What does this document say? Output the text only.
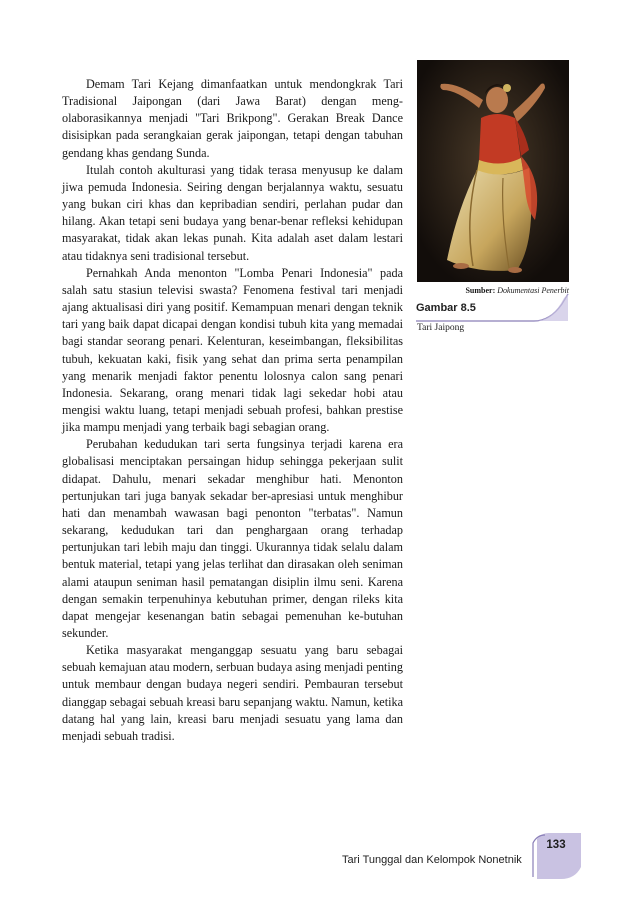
Demam Tari Kejang dimanfaatkan untuk mendongkrak Tari Tradisional Jaipongan (dari Jawa Barat) dengan meng-olaborasikannya menjadi "Tari Brikpong". Gerakan Break Dance disisipkan pada serangkaian gerak jaipongan, tetapi dengan tabuhan gendang khas gendang Sunda.

Itulah contoh akulturasi yang tidak terasa menyusup ke dalam jiwa pemuda Indonesia. Seiring dengan berjalannya waktu, sesuatu yang bukan ciri khas dan kepribadian sendiri, perlahan pudar dan hilang. Akan tetapi seni budaya yang benar-benar refleksi kehidupan masyarakat, tidak akan lekas punah. Kita adalah aset dalam lestari atau tidaknya seni tradisional tersebut.

Pernahkah Anda menonton "Lomba Penari Indonesia" pada salah satu stasiun televisi swasta? Fenomena festival tari menjadi ajang aktualisasi diri yang positif. Kemampuan menari dengan teknik tari yang baik dapat dicapai dengan kondisi tubuh kita yang memadai bagi standar seorang penari. Kelenturan, keseimbangan, fleksibilitas tubuh, kekuatan kaki, fisik yang sehat dan prima serta penampilan yang menarik menjadi faktor penentu lolosnya calon sang penari Indonesia. Sekarang, orang menari tidak lagi sekedar hobi atau mengisi waktu luang, tetapi menjadi sebuah profesi, bahkan prestise jika mampu menjadi yang terbaik bagi sebagian orang.

Perubahan kedudukan tari serta fungsinya terjadi karena era globalisasi menciptakan persaingan hidup sehingga pekerjaan sulit didapat. Dahulu, menari sekadar menghibur hati. Menonton pertunjukan tari juga banyak sekadar ber-apresiasi untuk menghibur hati dan menambah wawasan bagi penonton "terbatas". Namun sekarang, kedudukan tari dan penghargaan orang terhadap pertunjukan tari lebih maju dan tinggi. Ukurannya tidak selalu dalam bentuk material, tetapi yang jelas terlihat dan dirasakan oleh seniman alami ataupun seniman hasil pematangan disiplin ilmu seni. Karena dengan semakin terpenuhinya kebutuhan primer, dengan rileks kita dapat mengejar kesenangan batin sebagai pemenuhan ke-butuhan sekunder.

Ketika masyarakat menganggap sesuatu yang baru sebagai sebuah kemajuan atau modern, serbuan budaya asing menjadi penting untuk membaur dengan budaya negeri sendiri. Pembauran tersebut dianggap sebagai sebuah kreasi baru sepanjang waktu. Namun, ketika datang hal yang lain, kreasi baru menjadi sesuatu yang lama dan menjadi sebuah tradisi.

Sumber: Dokumentasi Penerbit
Gambar 8.5
Tari Jaipong
Tari Tunggal dan Kelompok Nonetnik
133
